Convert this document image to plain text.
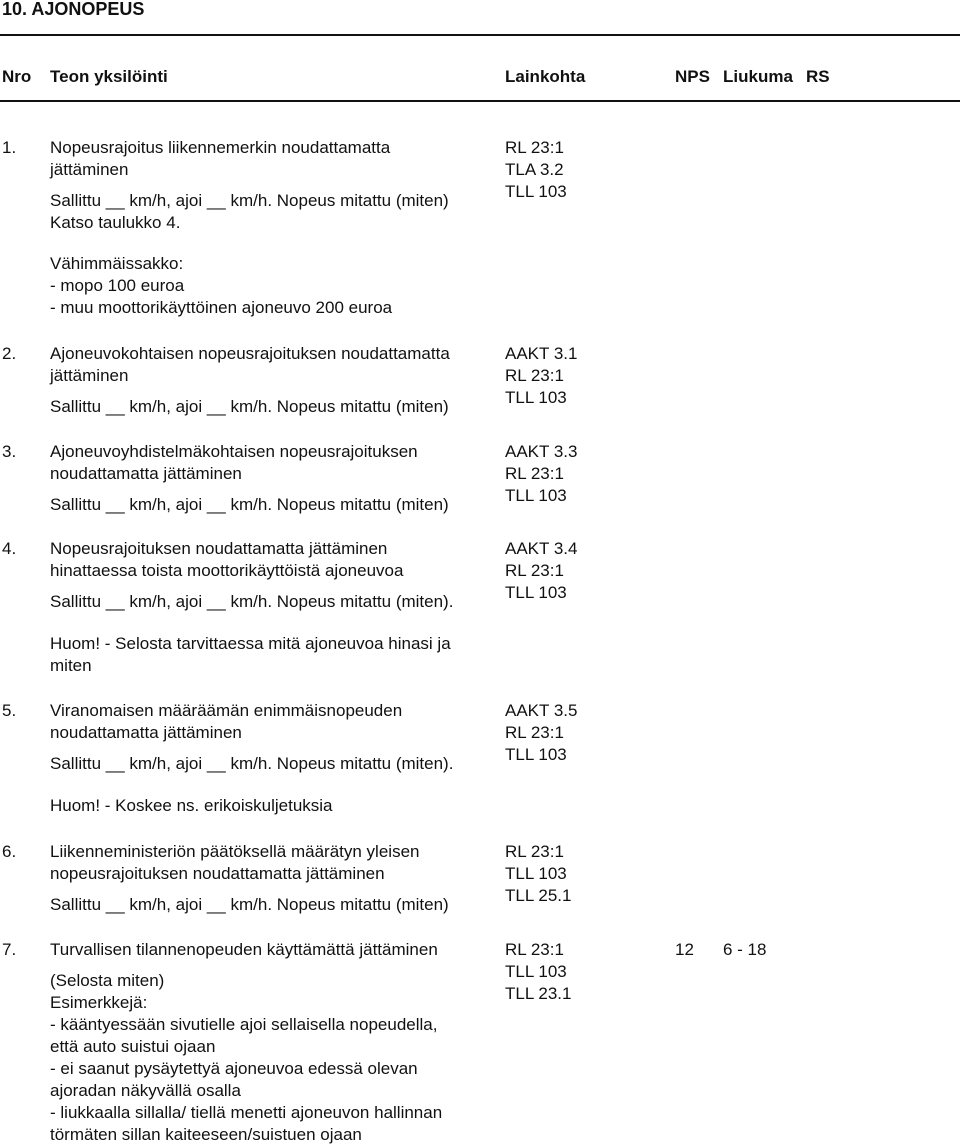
10. AJONOPEUS
Nro Teon yksilöinti	Lainkohta	NPS Liukuma RS
1. Nopeusrajoitus liikennemerkin noudattamatta
jättäminen
Sallittu __ km/h, ajoi __ km/h. Nopeus mitattu (miten)
Katso taulukko 4.
Vähimmäissakko:
- mopo 100 euroa
- muu moottorikäyttöinen ajoneuvo 200 euroa
RL 23:1
TLA 3.2
TLL 103
2. Ajoneuvokohtaisen nopeusrajoituksen noudattamatta
jättäminen
Sallittu __ km/h, ajoi __ km/h. Nopeus mitattu (miten)
AAKT 3.1
RL 23:1
TLL 103
3. Ajoneuvoyhdistelmäkohtaisen nopeusrajoituksen
noudattamatta jättäminen
Sallittu __ km/h, ajoi __ km/h. Nopeus mitattu (miten)
AAKT 3.3
RL 23:1
TLL 103
4. Nopeusrajoituksen noudattamatta jättäminen
hinattaessa toista moottorikäyttöistä ajoneuvoa
Sallittu __ km/h, ajoi __ km/h. Nopeus mitattu (miten).
Huom! - Selosta tarvittaessa mitä ajoneuvoa hinasi ja
miten
AAKT 3.4
RL 23:1
TLL 103
5. Viranomaisen määräämän enimmäisnopeuden
noudattamatta jättäminen
Sallittu __ km/h, ajoi __ km/h. Nopeus mitattu (miten).
Huom! - Koskee ns. erikoiskuljetuksia
AAKT 3.5
RL 23:1
TLL 103
6. Liikenneministeriön päätöksellä määrätyn yleisen
nopeusrajoituksen noudattamatta jättäminen
Sallittu __ km/h, ajoi __ km/h. Nopeus mitattu (miten)
RL 23:1
TLL 103
TLL 25.1
7. Turvallisen tilannenopeuden käyttämättä jättäminen
(Selosta miten)
Esimerkkejä:
- kääntyessään sivutielle ajoi sellaisella nopeudella,
että auto suistui ojaan
- ei saanut pysäytettyä ajoneuvoa edessä olevan
ajoradan näkyvällä osalla
- liukkaalla sillalla/ tiellä menetti ajoneuvon hallinnan
törmäten sillan kaiteeseen/suistuen ojaan
RL 23:1
TLL 103
TLL 23.1
12 6 - 18
